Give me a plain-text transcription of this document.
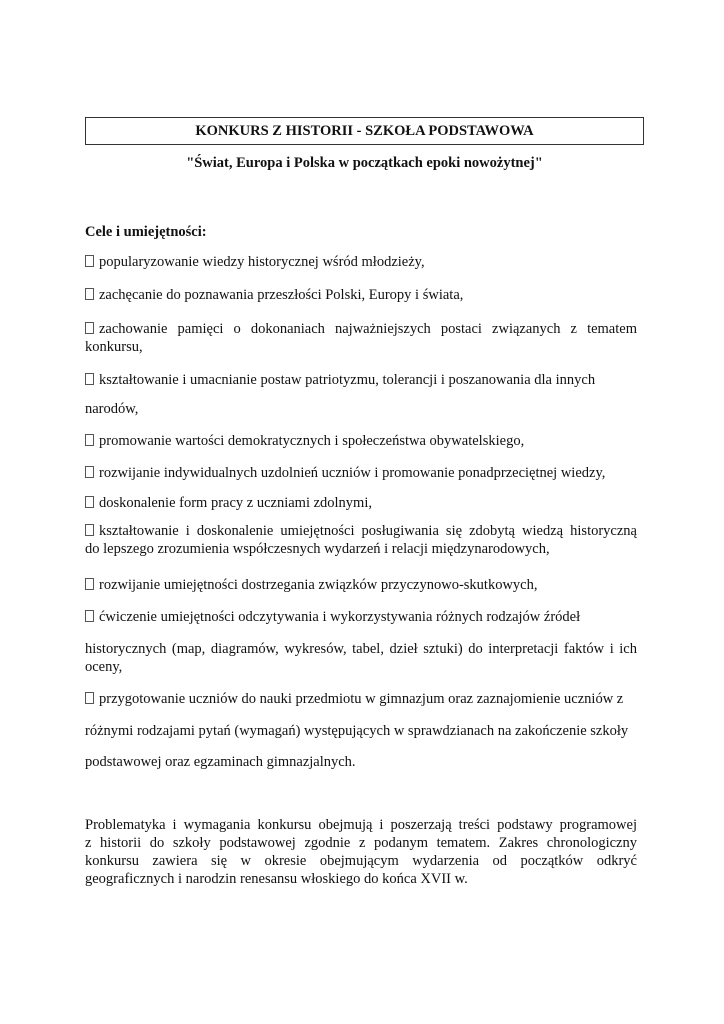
KONKURS Z HISTORII - SZKOŁA PODSTAWOWA
"Świat, Europa i Polska w początkach epoki nowożytnej"
Cele i umiejętności:
popularyzowanie wiedzy historycznej wśród młodzieży,
zachęcanie do poznawania przeszłości Polski, Europy i świata,
zachowanie pamięci o dokonaniach najważniejszych postaci związanych z tematem
konkursu,
kształtowanie i umacnianie postaw patriotyzmu, tolerancji i poszanowania dla innych
narodów,
promowanie wartości demokratycznych i społeczeństwa obywatelskiego,
rozwijanie indywidualnych uzdolnień uczniów i promowanie ponadprzeciętnej wiedzy,
doskonalenie form pracy z uczniami zdolnymi,
kształtowanie i doskonalenie umiejętności posługiwania się zdobytą wiedzą historyczną
do lepszego zrozumienia współczesnych wydarzeń i relacji międzynarodowych,
rozwijanie umiejętności dostrzegania związków przyczynowo-skutkowych,
ćwiczenie umiejętności odczytywania i wykorzystywania różnych rodzajów źródeł
historycznych (map, diagramów, wykresów, tabel, dzieł sztuki) do interpretacji faktów i ich
oceny,
przygotowanie uczniów do nauki przedmiotu w gimnazjum oraz zaznajomienie uczniów z
różnymi rodzajami pytań (wymagań) występujących w sprawdzianach na zakończenie szkoły
podstawowej oraz egzaminach gimnazjalnych.
Problematyka i wymagania konkursu obejmują i poszerzają treści podstawy programowej
z historii do szkoły podstawowej zgodnie z podanym tematem. Zakres chronologiczny
konkursu zawiera się w okresie obejmującym wydarzenia od początków odkryć
geograficznych i narodzin renesansu włoskiego do końca XVII w.
